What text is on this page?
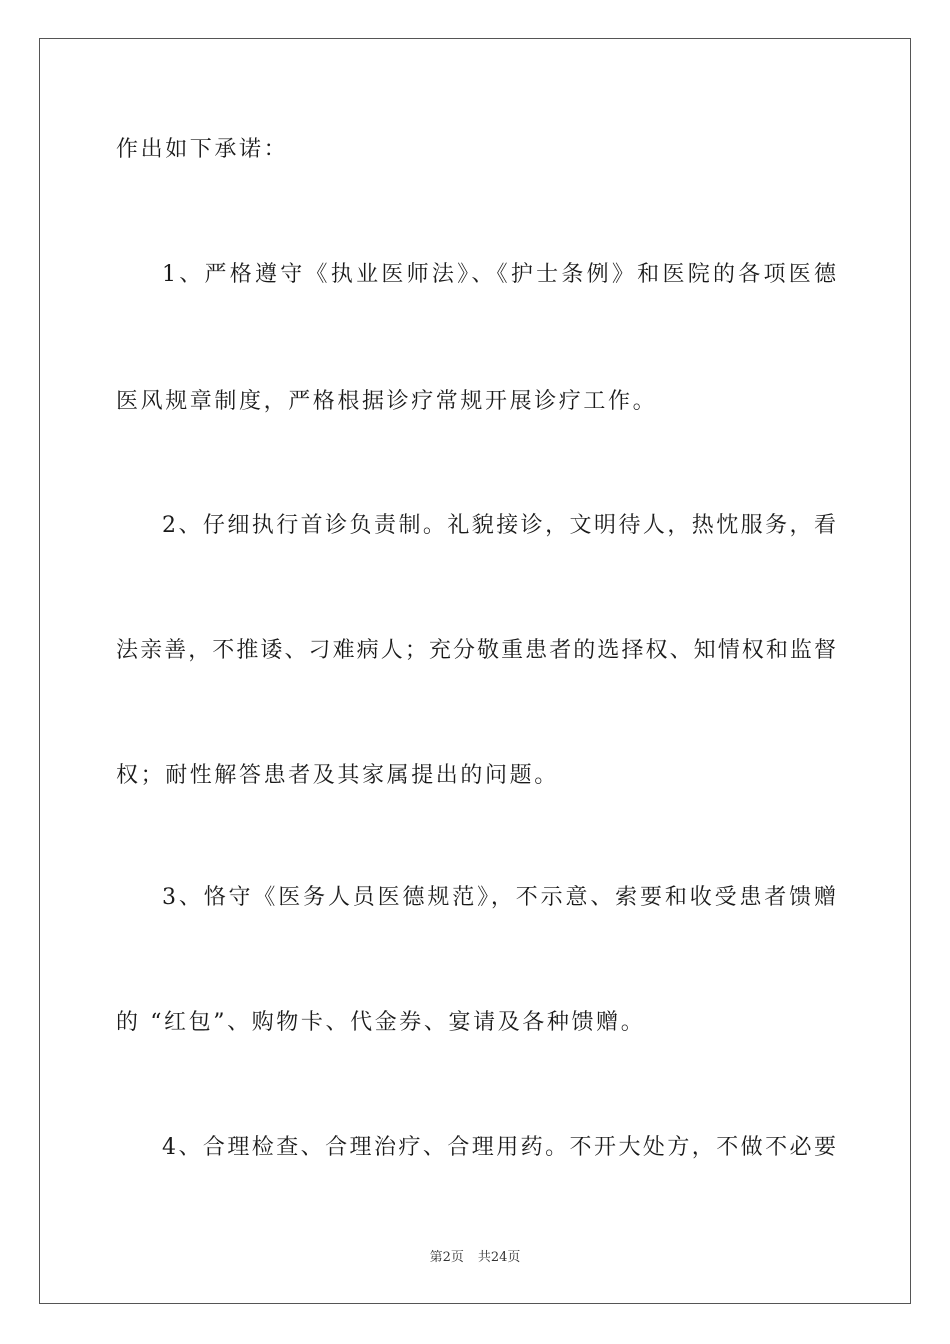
作出如下承诺：
1、严格遵守《执业医师法》、《护士条例》和医院的各项医德
医风规章制度，严格根据诊疗常规开展诊疗工作。
2、仔细执行首诊负责制。礼貌接诊，文明待人，热忱服务，看
法亲善，不推诿、刁难病人；充分敬重患者的选择权、知情权和监督
权；耐性解答患者及其家属提出的问题。
3、恪守《医务人员医德规范》，不示意、索要和收受患者馈赠
的 “红包”、购物卡、代金券、宴请及各种馈赠。
4、合理检查、合理治疗、合理用药。不开大处方，不做不必要
第2页 共24页
